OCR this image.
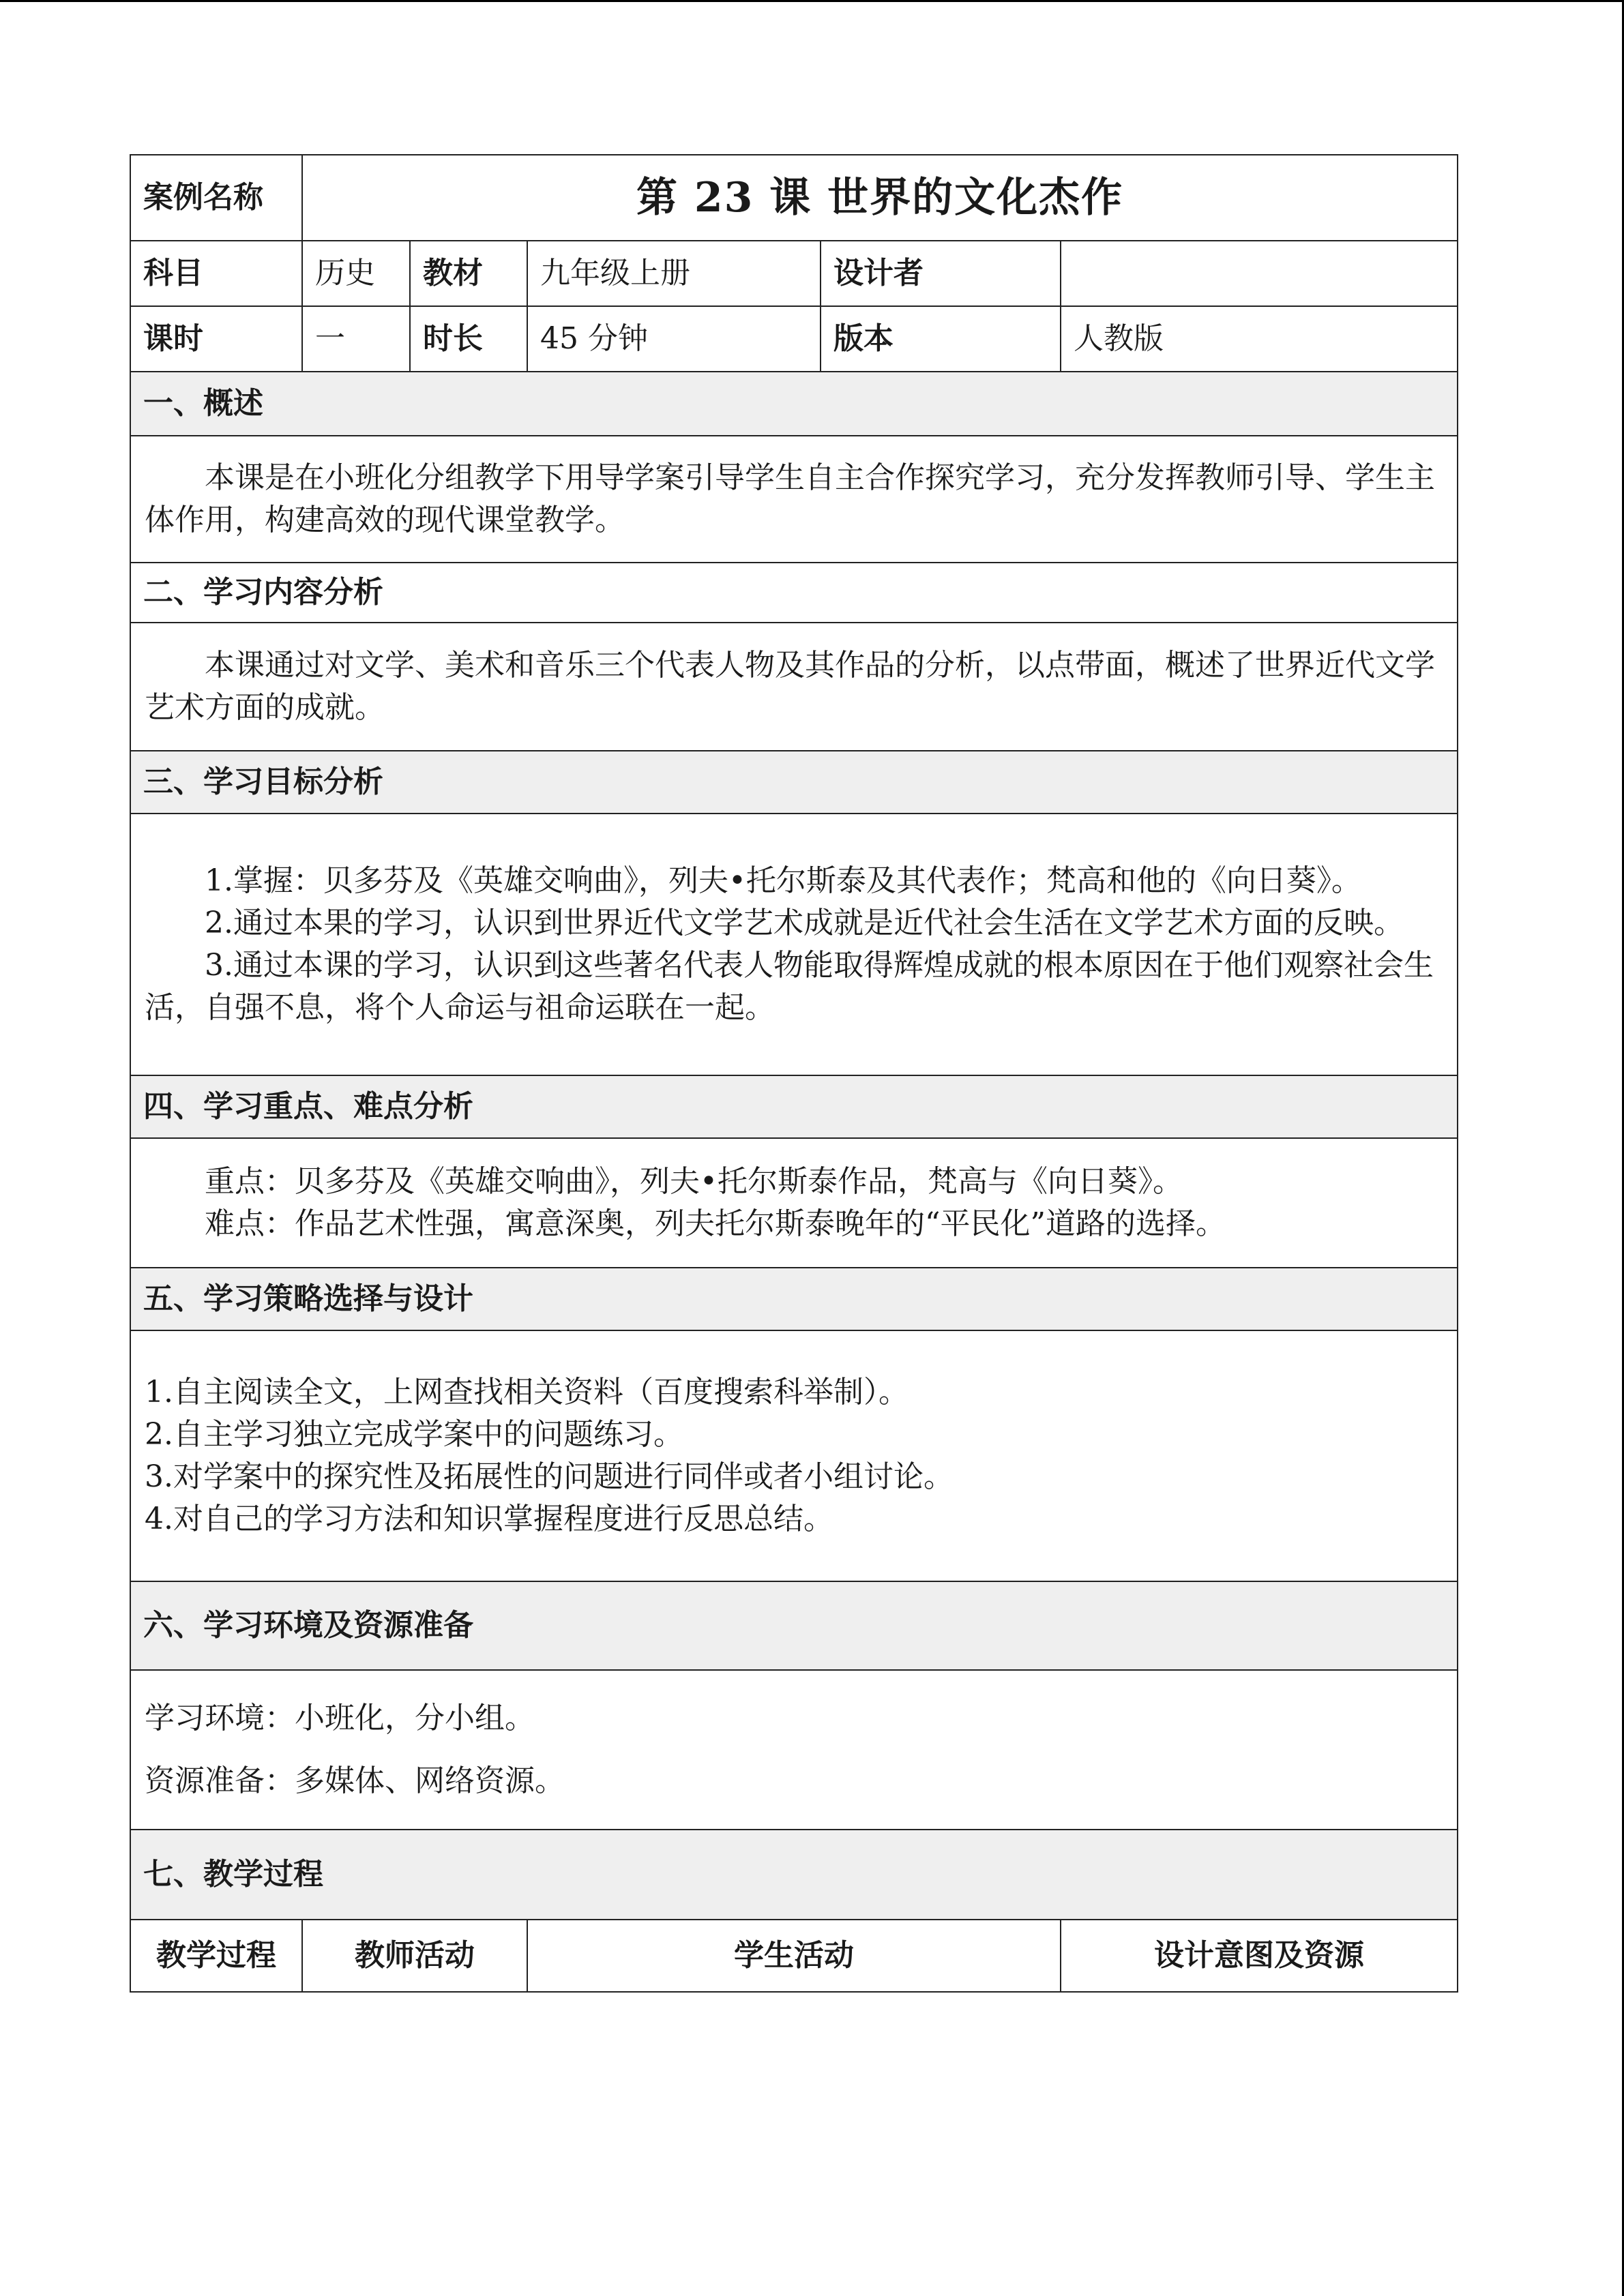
案例名称	第 23 课 世界的文化杰作				
科目	历史	教材	九年级上册	设计者	
课时	一	时长	45 分钟	版本	人教版
一、概述					
本课是在小班化分组教学下用导学案引导学生自主合作探究学习，充分发挥教师引导、学生主体作用，构建高效的现代课堂教学。					
二、学习内容分析					
本课通过对文学、美术和音乐三个代表人物及其作品的分析，以点带面，概述了世界近代文学艺术方面的成就。					
三、学习目标分析					

1.掌握：贝多芬及《英雄交响曲》，列夫•托尔斯泰及其代表作；梵高和他的《向日葵》。
2.通过本果的学习，认识到世界近代文学艺术成就是近代社会生活在文学艺术方面的反映。
3.通过本课的学习，认识到这些著名代表人物能取得辉煌成就的根本原因在于他们观察社会生活，自强不息，将个人命运与祖命运联在一起。					

四、学习重点、难点分析					

重点：贝多芬及《英雄交响曲》，列夫•托尔斯泰作品，梵高与《向日葵》。
难点：作品艺术性强，寓意深奥，列夫托尔斯泰晚年的“平民化”道路的选择。					

五、学习策略选择与设计					

1.自主阅读全文，上网查找相关资料（百度搜索科举制）。
2.自主学习独立完成学案中的问题练习。
3.对学案中的探究性及拓展性的问题进行同伴或者小组讨论。
4.对自己的学习方法和知识掌握程度进行反思总结。					

六、学习环境及资源准备					

学习环境：小班化，分小组。
资源准备：多媒体、网络资源。					

七、教学过程					
教学过程	教师活动		学生活动		设计意图及资源
